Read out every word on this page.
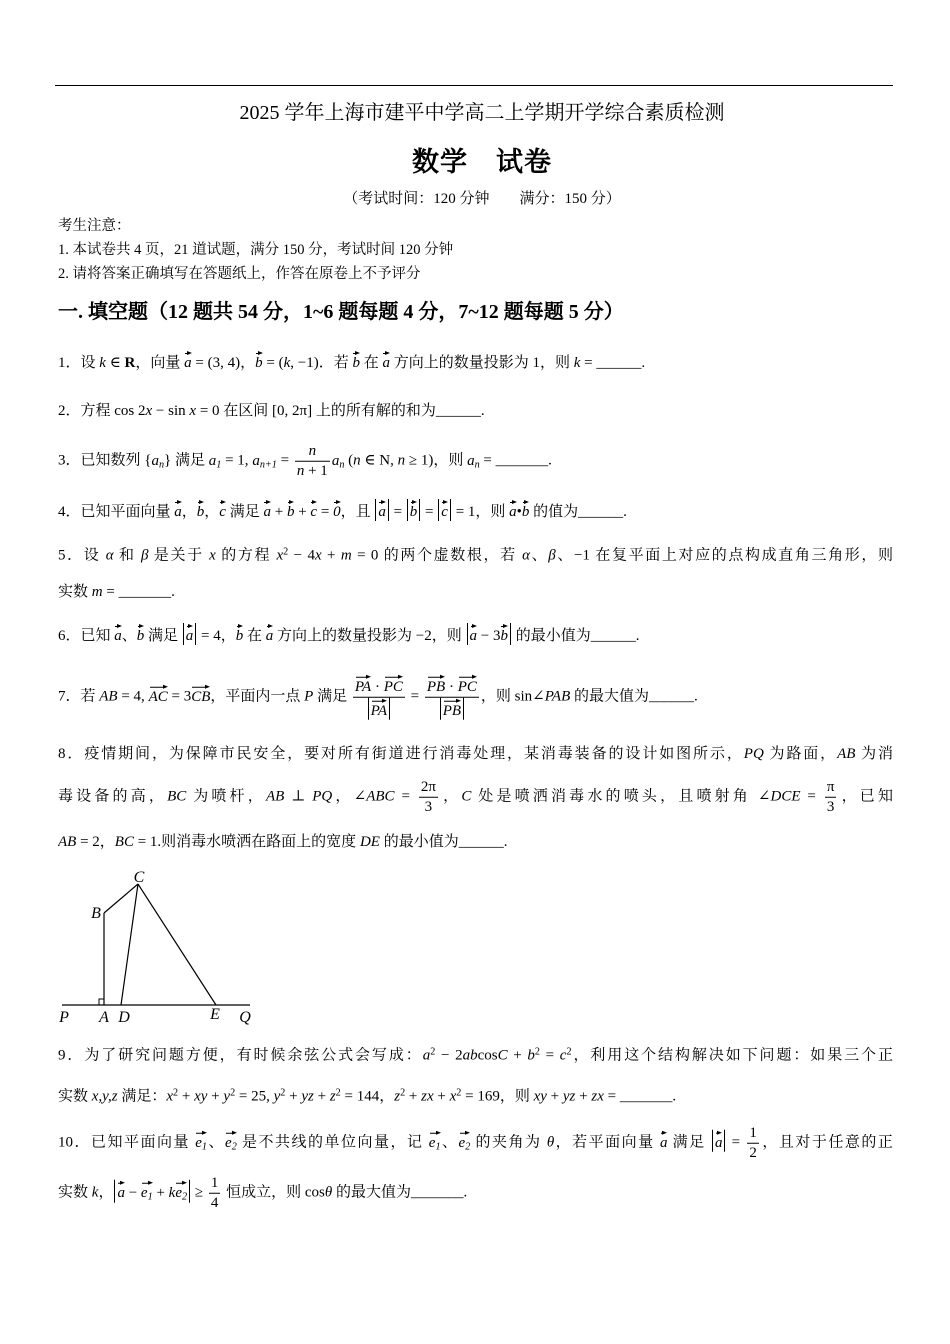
2025 学年上海市建平中学高二上学期开学综合素质检测
数学　试卷
（考试时间：120 分钟　　满分：150 分）
考生注意：
1. 本试卷共 4 页，21 道试题，满分 150 分，考试时间 120 分钟
2. 请将答案正确填写在答题纸上，作答在原卷上不予评分
一. 填空题（12 题共 54 分，1~6 题每题 4 分，7~12 题每题 5 分）
1．设 k ∈ R，向量 a = (3, 4)，b = (k, −1)．若 b 在 a 方向上的数量投影为 1，则 k = ______.
2．方程 cos 2x − sin x = 0 在区间 [0, 2π] 上的所有解的和为______.
3．已知数列 $\{a_n\}$ 满足 $a_1 = 1$, $a_{n+1} = \frac{n}{n + 1} a_n$ (n ∈ N, n ≥ 1)，则 $a_n$ = _______.
4．已知平面向量 a，b，c 满足 a + b + c = 0，且 a = b = c = 1，则 a•b 的值为______.
5．设 α 和 β 是关于 x 的方程 $x^2 - 4x + m = 0$ 的两个虚数根，若 α、β、−1 在复平面上对应的点构成直角三角形，则
实数 m = _______.
6．已知 a、b 满足 a = 4，b 在 a 方向上的数量投影为 −2，则 a − 3b 的最小值为______.
7．若 AB = 4, AC = 3CB，平面内一点 P 满足 $\frac{PA \cdot PC}{PA} = \frac{PB \cdot PC}{PB}$ ，则 sin∠PAB 的最大值为______.
8．疫情期间，为保障市民安全，要对所有街道进行消毒处理，某消毒装备的设计如图所示，PQ 为路面，AB 为消
毒设备的高，BC 为喷杆，AB ⊥ PQ，∠ABC = $\frac{2\pi}{3}$ ，C 处是喷洒消毒水的喷头，且喷射角 ∠DCE = $\frac{\pi}{3}$ ，已知
AB = 2，BC = 1.则消毒水喷洒在路面上的宽度 DE 的最小值为______.
C
B
P A D	E Q
9．为了研究问题方便，有时候余弦公式会写成：$a^2 - 2abcosC + b^2 = c^2$，利用这个结构解决如下问题：如果三个正
实数 x,y,z 满足：$x^2$ + xy + $y^2 = 25$, $y^2$ + yz + $z^2 = 144$，$z^2$ + zx + $x^2 = 169$，则 xy + yz + zx = _______.
10．已知平面向量 $e_1$、$e_2$ 是不共线的单位向量，记 $e_1$、$e_2$ 的夹角为 θ，若平面向量 a 满足 $a = \frac{1}{2}$ ，且对于任意的正
实数 k， $a - e_1 + ke_2 \ge \frac{1}{4}$ 恒成立，则 cosθ 的最大值为_______.
